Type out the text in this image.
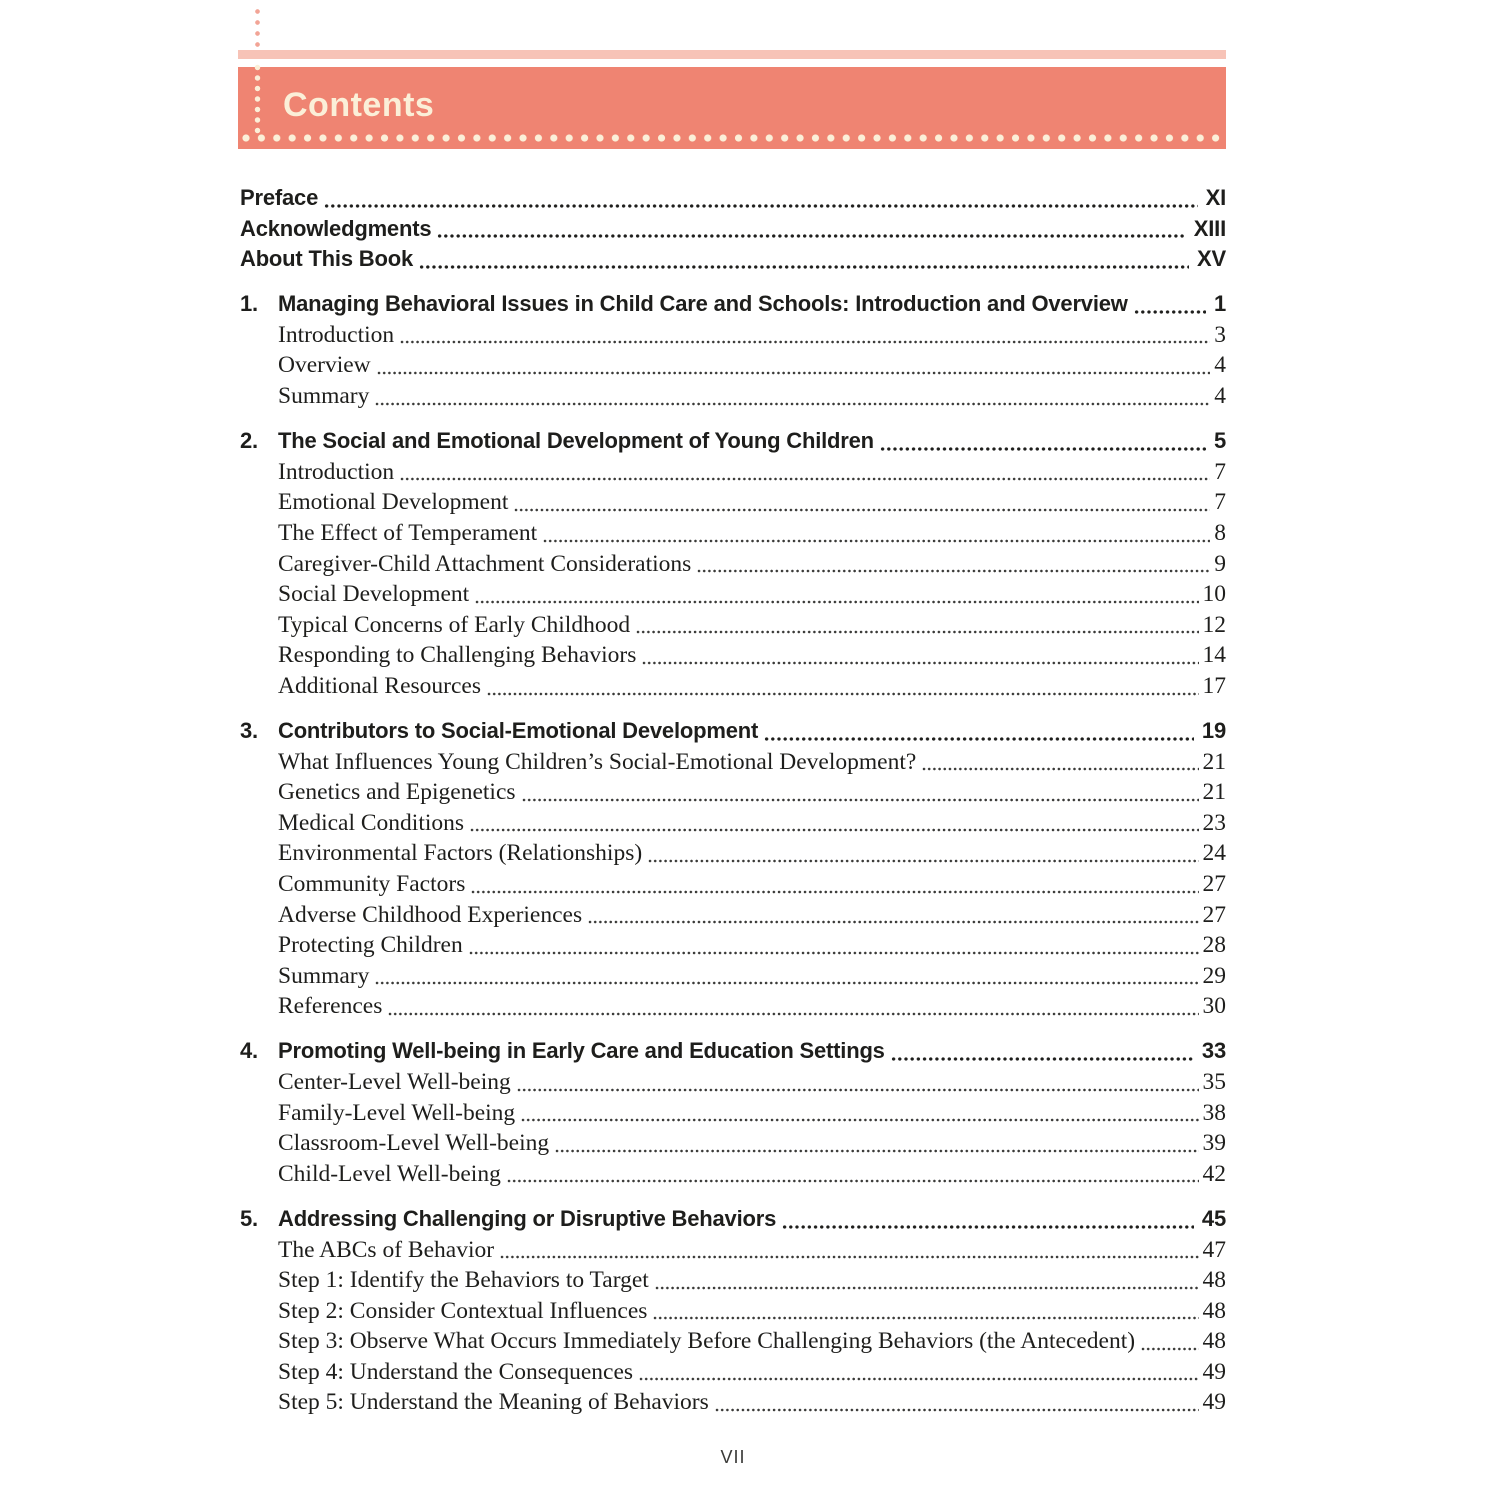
Contents
Preface	XI
Acknowledgments	XIII
About This Book	XV
1. Managing Behavioral Issues in Child Care and Schools: Introduction and Overview	1
Introduction	3
Overview	4
Summary	4
2. The Social and Emotional Development of Young Children	5
Introduction	7
Emotional Development	7
The Effect of Temperament	8
Caregiver-Child Attachment Considerations	9
Social Development	10
Typical Concerns of Early Childhood	12
Responding to Challenging Behaviors	14
Additional Resources	17
3. Contributors to Social-Emotional Development	19
What Influences Young Children’s Social-Emotional Development?	21
Genetics and Epigenetics	21
Medical Conditions	23
Environmental Factors (Relationships)	24
Community Factors	27
Adverse Childhood Experiences	27
Protecting Children	28
Summary	29
References	30
4. Promoting Well-being in Early Care and Education Settings	33
Center-Level Well-being	35
Family-Level Well-being	38
Classroom-Level Well-being	39
Child-Level Well-being	42
5. Addressing Challenging or Disruptive Behaviors	45
The ABCs of Behavior	47
Step 1: Identify the Behaviors to Target	48
Step 2: Consider Contextual Influences	48
Step 3: Observe What Occurs Immediately Before Challenging Behaviors (the Antecedent)	48
Step 4: Understand the Consequences	49
Step 5: Understand the Meaning of Behaviors	49
VII
